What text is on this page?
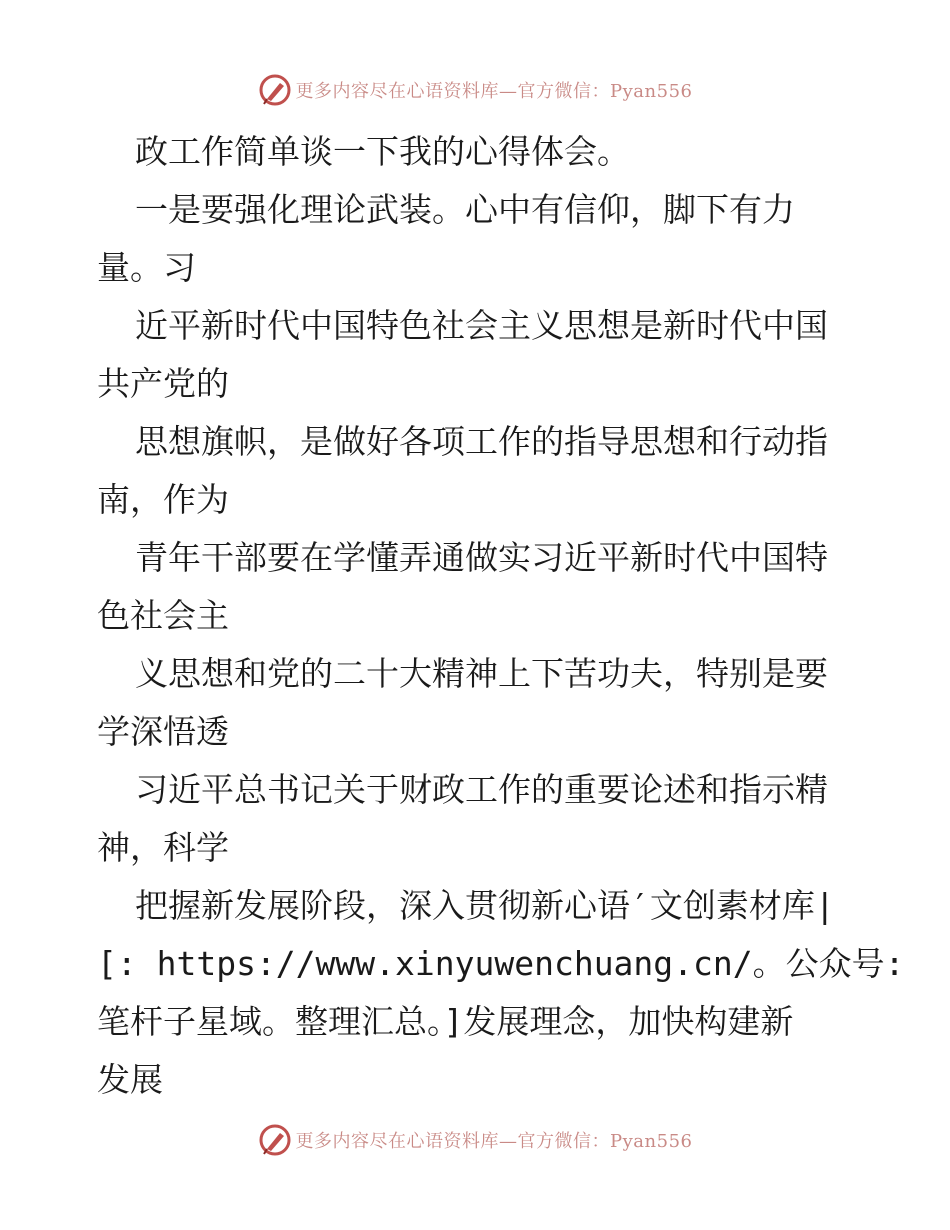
更多内容尽在心语资料库—官方微信：Pyan556
政工作简单谈一下我的心得体会。
一是要强化理论武装。心中有信仰，脚下有力
量。习
近平新时代中国特色社会主义思想是新时代中国
共产党的
思想旗帜，是做好各项工作的指导思想和行动指
南，作为
青年干部要在学懂弄通做实习近平新时代中国特
色社会主
义思想和党的二十大精神上下苦功夫，特别是要
学深悟透
习近平总书记关于财政工作的重要论述和指示精
神，科学
把握新发展阶段，深入贯彻新心语′文创素材库|
[: https://www.xinyuwenchuang.cn/。公众号:
笔杆子星域。整理汇总。]发展理念，加快构建新
发展
更多内容尽在心语资料库—官方微信：Pyan556
